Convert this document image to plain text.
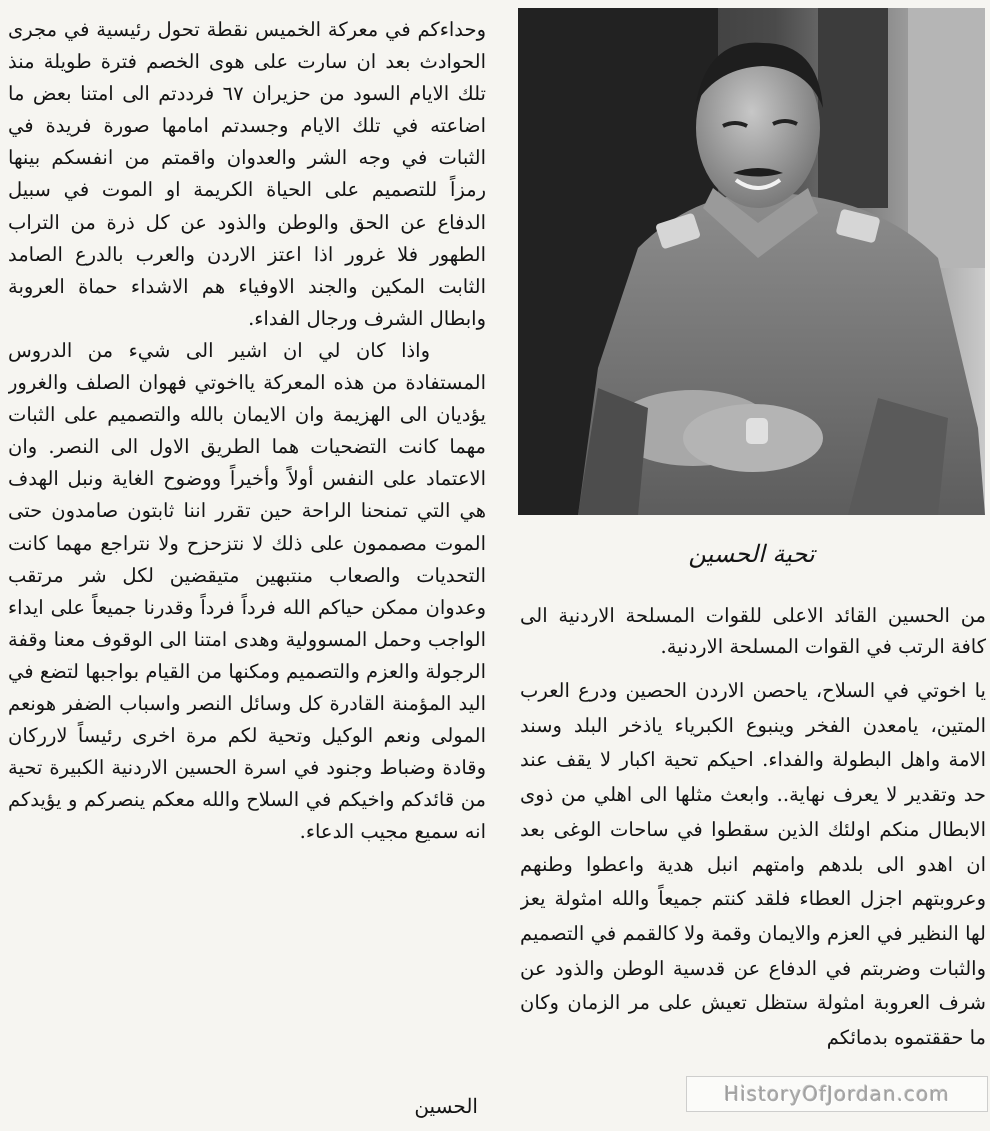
وحداءكم في معركة الخميس نقطة تحول رئيسية في مجرى الحوادث بعد ان سارت على هوى الخصم فترة طويلة منذ تلك الايام السود من حزيران ٦٧ فرددتم الى امتنا بعض ما اضاعته في تلك الايام وجسدتم امامها صورة فريدة في الثبات في وجه الشر والعدوان واقمتم من انفسكم بينها رمزاً للتصميم على الحياة الكريمة او الموت في سبيل الدفاع عن الحق والوطن والذود عن كل ذرة من التراب الطهور فلا غرور اذا اعتز الاردن والعرب بالدرع الصامد الثابت المكين والجند الاوفياء هم الاشداء حماة العروبة وابطال الشرف ورجال الفداء.

واذا كان لي ان اشير الى شيء من الدروس المستفادة من هذه المعركة يااخوتي فهوان الصلف والغرور يؤديان الى الهزيمة وان الايمان بالله والتصميم على الثبات مهما كانت التضحيات هما الطريق الاول الى النصر. وان الاعتماد على النفس أولاً وأخيراً ووضوح الغاية ونبل الهدف هي التي تمنحنا الراحة حين تقرر اننا ثابتون صامدون حتى الموت مصممون على ذلك لا نتزحزح ولا نتراجع مهما كانت التحديات والصعاب منتبهين متيقضين لكل شر مرتقب وعدوان ممكن حياكم الله فرداً فرداً وقدرنا جميعاً على ايداء الواجب وحمل المسوولية وهدى امتنا الى الوقوف معنا وقفة الرجولة والعزم والتصميم ومكنها من القيام بواجبها لتضع في اليد المؤمنة القادرة كل وسائل النصر واسباب الضفر هونعم المولى ونعم الوكيل وتحية لكم مرة اخرى رئيساً لارركان وقادة وضباط وجنود في اسرة الحسين الاردنية الكبيرة تحية من قائدكم واخيكم في السلاح والله معكم ينصركم و يؤيدكم انه سميع مجيب الدعاء.

الحسين
تحية الحسين

من الحسين القائد الاعلى للقوات المسلحة الاردنية الى كافة الرتب في القوات المسلحة الاردنية.

يا اخوتي في السلاح، ياحصن الاردن الحصين ودرع العرب المتين، يامعدن الفخر وينبوع الكبرياء ياذخر البلد وسند الامة واهل البطولة والفداء. احيكم تحية اكبار لا يقف عند حد وتقدير لا يعرف نهاية.. وابعث مثلها الى اهلي من ذوى الابطال منكم اولئك الذين سقطوا في ساحات الوغى بعد ان اهدو الى بلدهم وامتهم انبل هدية واعطوا وطنهم وعروبتهم اجزل العطاء فلقد كنتم جميعاً والله امثولة يعز لها النظير في العزم والايمان وقمة ولا كالقمم في التصميم والثبات وضربتم في الدفاع عن قدسية الوطن والذود عن شرف العروبة امثولة ستظل تعيش على مر الزمان وكان ما حققتموه بدمائكم

HistoryOfJordan.com
